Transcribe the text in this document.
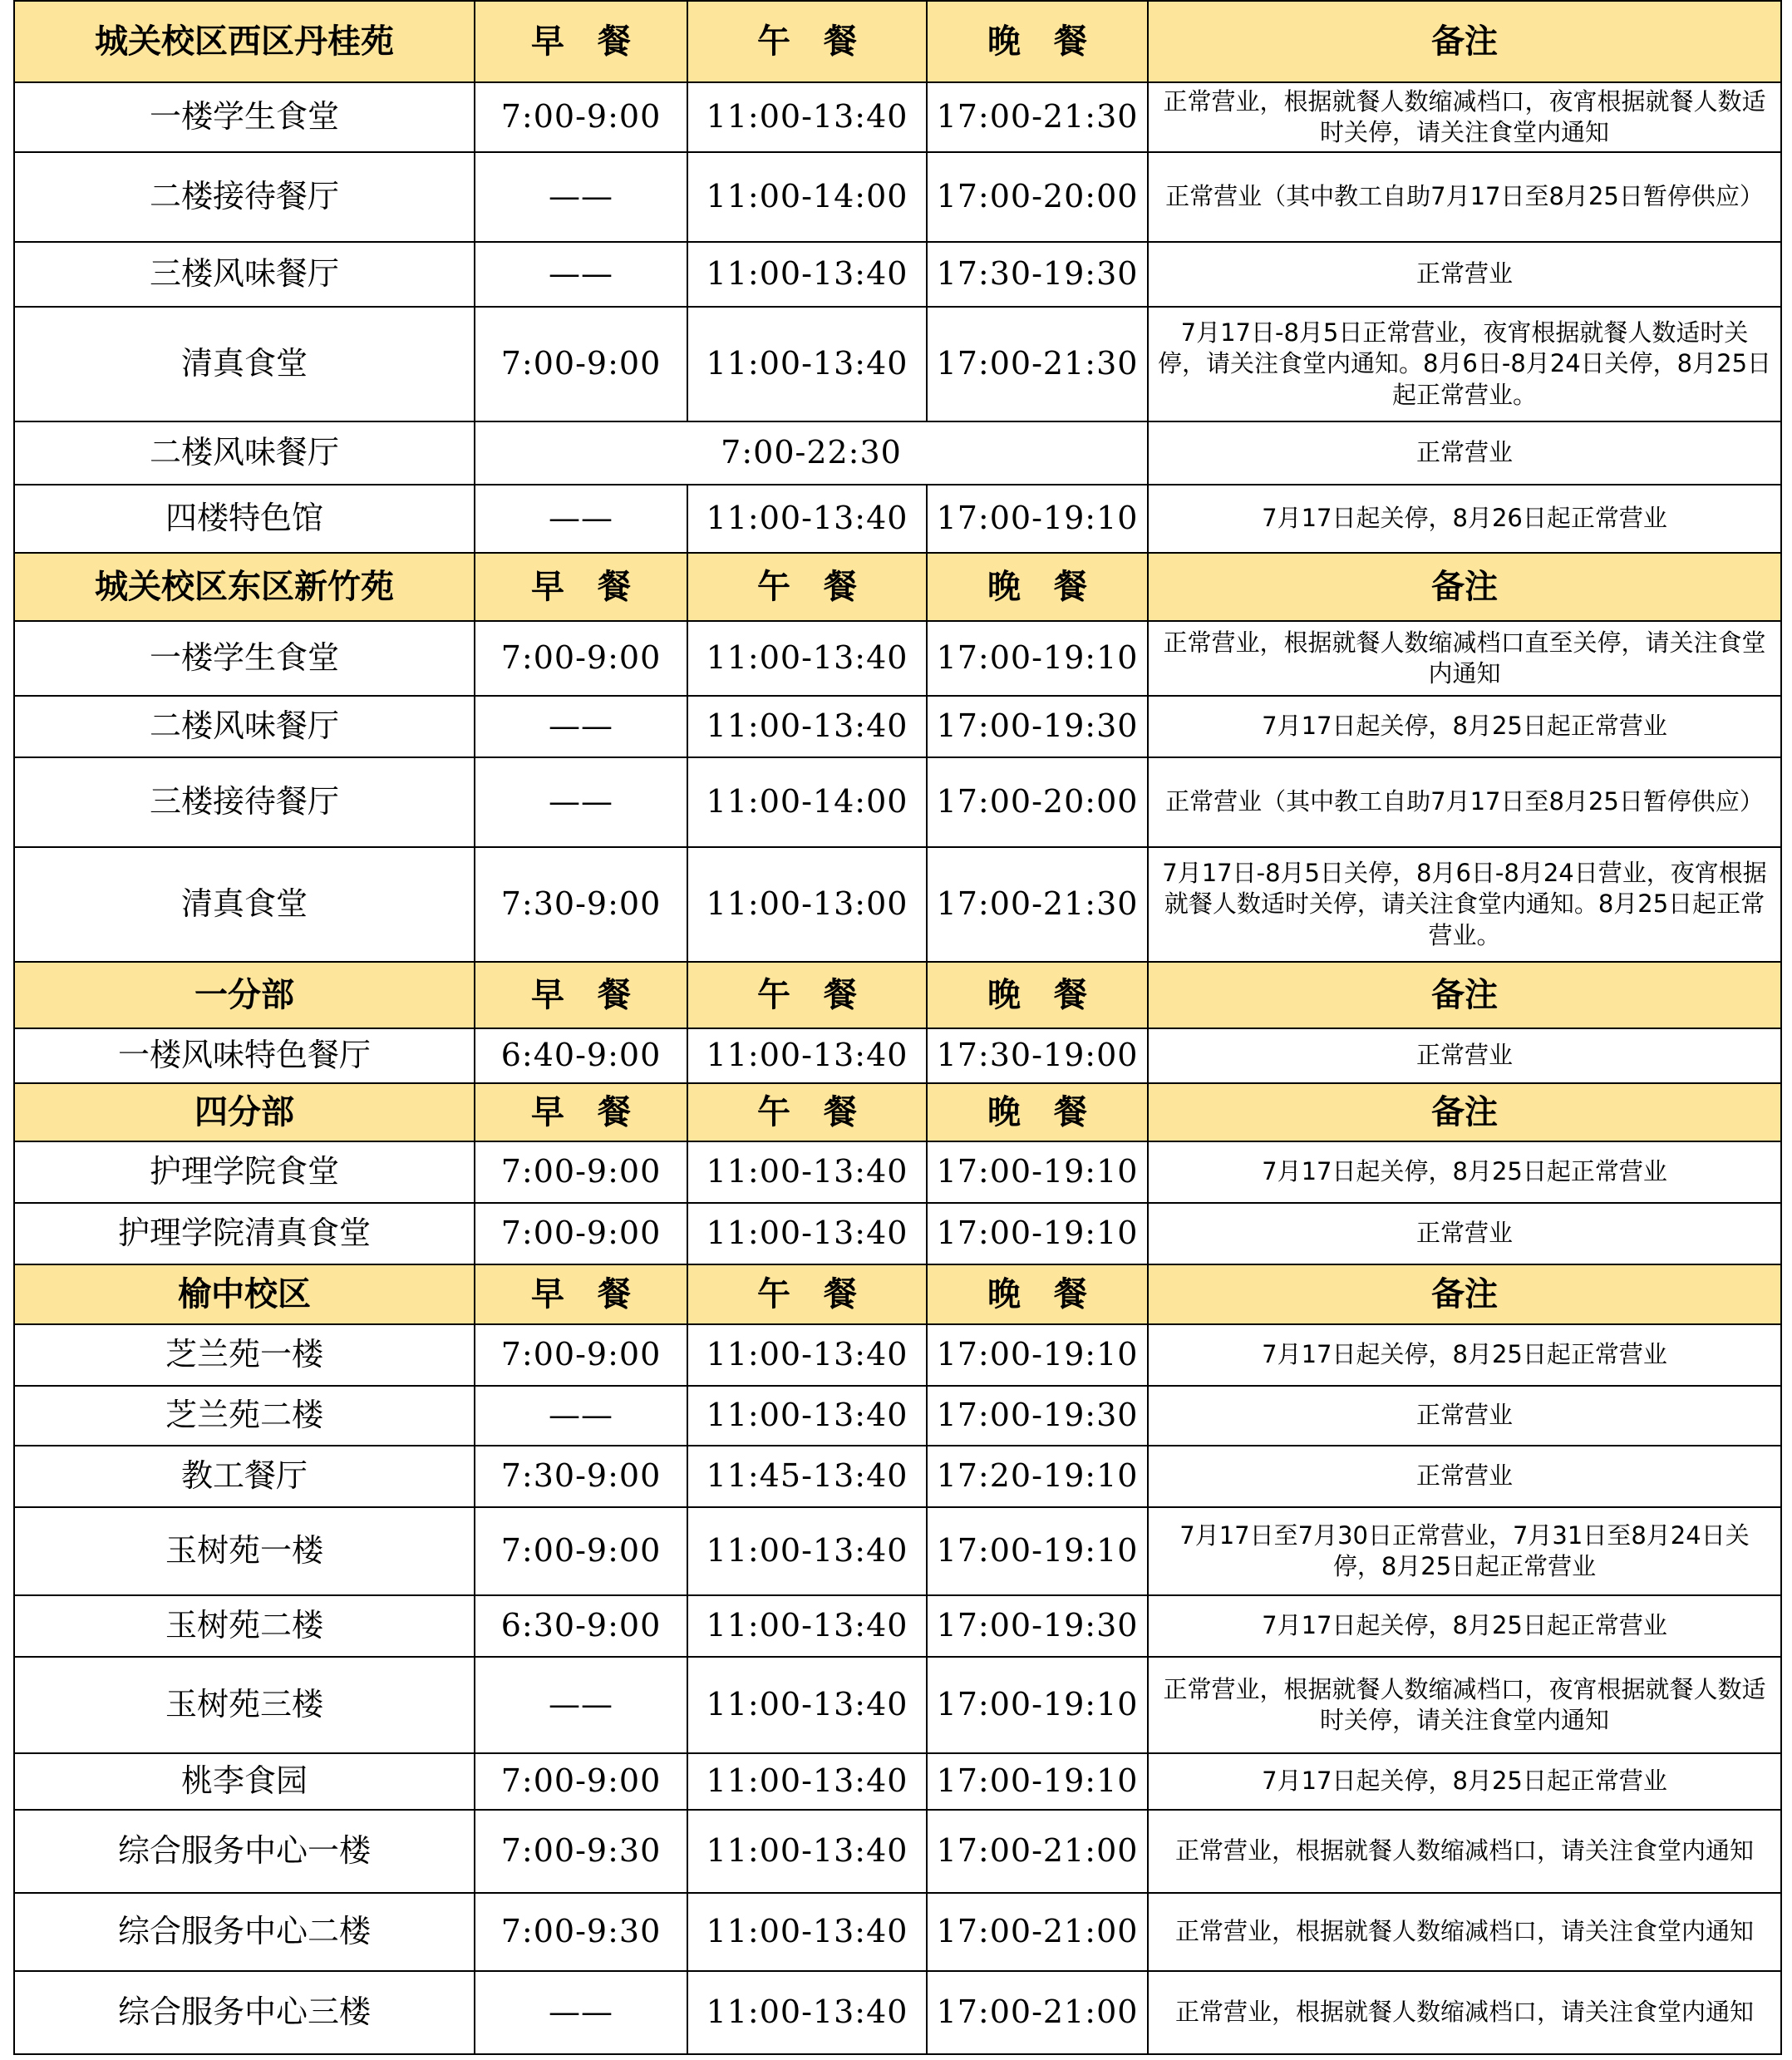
城关校区西区丹桂苑	早　餐	午　餐	晚　餐	备注
一楼学生食堂	7:00-9:00	11:00-13:40	17:00-21:30	正常营业，根据就餐人数缩减档口，夜宵根据就餐人数适时关停，请关注食堂内通知
二楼接待餐厅	——	11:00-14:00	17:00-20:00	正常营业（其中教工自助7月17日至8月25日暂停供应）
三楼风味餐厅	——	11:00-13:40	17:30-19:30	正常营业
清真食堂	7:00-9:00	11:00-13:40	17:00-21:30	7月17日-8月5日正常营业，夜宵根据就餐人数适时关停，请关注食堂内通知。8月6日-8月24日关停，8月25日起正常营业。
二楼风味餐厅	7:00-22:30			正常营业
四楼特色馆	——	11:00-13:40	17:00-19:10	7月17日起关停，8月26日起正常营业
城关校区东区新竹苑	早　餐	午　餐	晚　餐	备注
一楼学生食堂	7:00-9:00	11:00-13:40	17:00-19:10	正常营业，根据就餐人数缩减档口直至关停，请关注食堂内通知
二楼风味餐厅	——	11:00-13:40	17:00-19:30	7月17日起关停，8月25日起正常营业
三楼接待餐厅	——	11:00-14:00	17:00-20:00	正常营业（其中教工自助7月17日至8月25日暂停供应）
清真食堂	7:30-9:00	11:00-13:00	17:00-21:30	7月17日-8月5日关停，8月6日-8月24日营业，夜宵根据就餐人数适时关停，请关注食堂内通知。8月25日起正常营业。
一分部	早　餐	午　餐	晚　餐	备注
一楼风味特色餐厅	6:40-9:00	11:00-13:40	17:30-19:00	正常营业
四分部	早　餐	午　餐	晚　餐	备注
护理学院食堂	7:00-9:00	11:00-13:40	17:00-19:10	7月17日起关停，8月25日起正常营业
护理学院清真食堂	7:00-9:00	11:00-13:40	17:00-19:10	正常营业
榆中校区	早　餐	午　餐	晚　餐	备注
芝兰苑一楼	7:00-9:00	11:00-13:40	17:00-19:10	7月17日起关停，8月25日起正常营业
芝兰苑二楼	——	11:00-13:40	17:00-19:30	正常营业
教工餐厅	7:30-9:00	11:45-13:40	17:20-19:10	正常营业
玉树苑一楼	7:00-9:00	11:00-13:40	17:00-19:10	7月17日至7月30日正常营业，7月31日至8月24日关停，8月25日起正常营业
玉树苑二楼	6:30-9:00	11:00-13:40	17:00-19:30	7月17日起关停，8月25日起正常营业
玉树苑三楼	——	11:00-13:40	17:00-19:10	正常营业，根据就餐人数缩减档口，夜宵根据就餐人数适时关停，请关注食堂内通知
桃李食园	7:00-9:00	11:00-13:40	17:00-19:10	7月17日起关停，8月25日起正常营业
综合服务中心一楼	7:00-9:30	11:00-13:40	17:00-21:00	正常营业，根据就餐人数缩减档口，请关注食堂内通知
综合服务中心二楼	7:00-9:30	11:00-13:40	17:00-21:00	正常营业，根据就餐人数缩减档口，请关注食堂内通知
综合服务中心三楼	——	11:00-13:40	17:00-21:00	正常营业，根据就餐人数缩减档口，请关注食堂内通知
